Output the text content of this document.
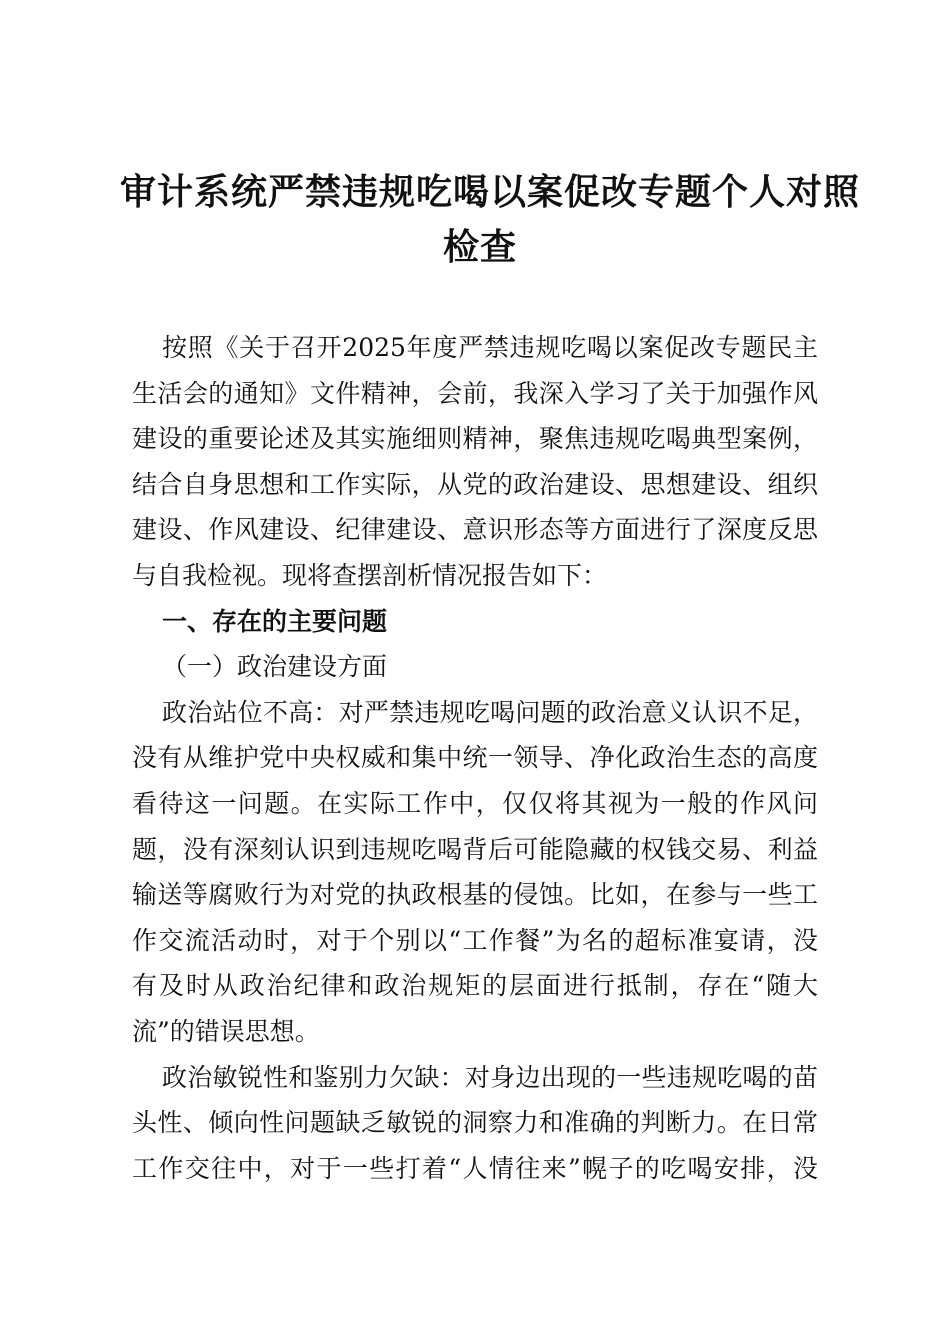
审计系统严禁违规吃喝以案促改专题个人对照
检查
按照《关于召开2025年度严禁违规吃喝以案促改专题民主
生活会的通知》文件精神，会前，我深入学习了关于加强作风
建设的重要论述及其实施细则精神，聚焦违规吃喝典型案例，
结合自身思想和工作实际，从党的政治建设、思想建设、组织
建设、作风建设、纪律建设、意识形态等方面进行了深度反思
与自我检视。现将查摆剖析情况报告如下：
一、存在的主要问题
（一）政治建设方面
政治站位不高：对严禁违规吃喝问题的政治意义认识不足，
没有从维护党中央权威和集中统一领导、净化政治生态的高度
看待这一问题。在实际工作中，仅仅将其视为一般的作风问
题，没有深刻认识到违规吃喝背后可能隐藏的权钱交易、利益
输送等腐败行为对党的执政根基的侵蚀。比如，在参与一些工
作交流活动时，对于个别以“工作餐”为名的超标准宴请，没
有及时从政治纪律和政治规矩的层面进行抵制，存在“随大
流”的错误思想。
政治敏锐性和鉴别力欠缺：对身边出现的一些违规吃喝的苗
头性、倾向性问题缺乏敏锐的洞察力和准确的判断力。在日常
工作交往中，对于一些打着“人情往来”幌子的吃喝安排，没
